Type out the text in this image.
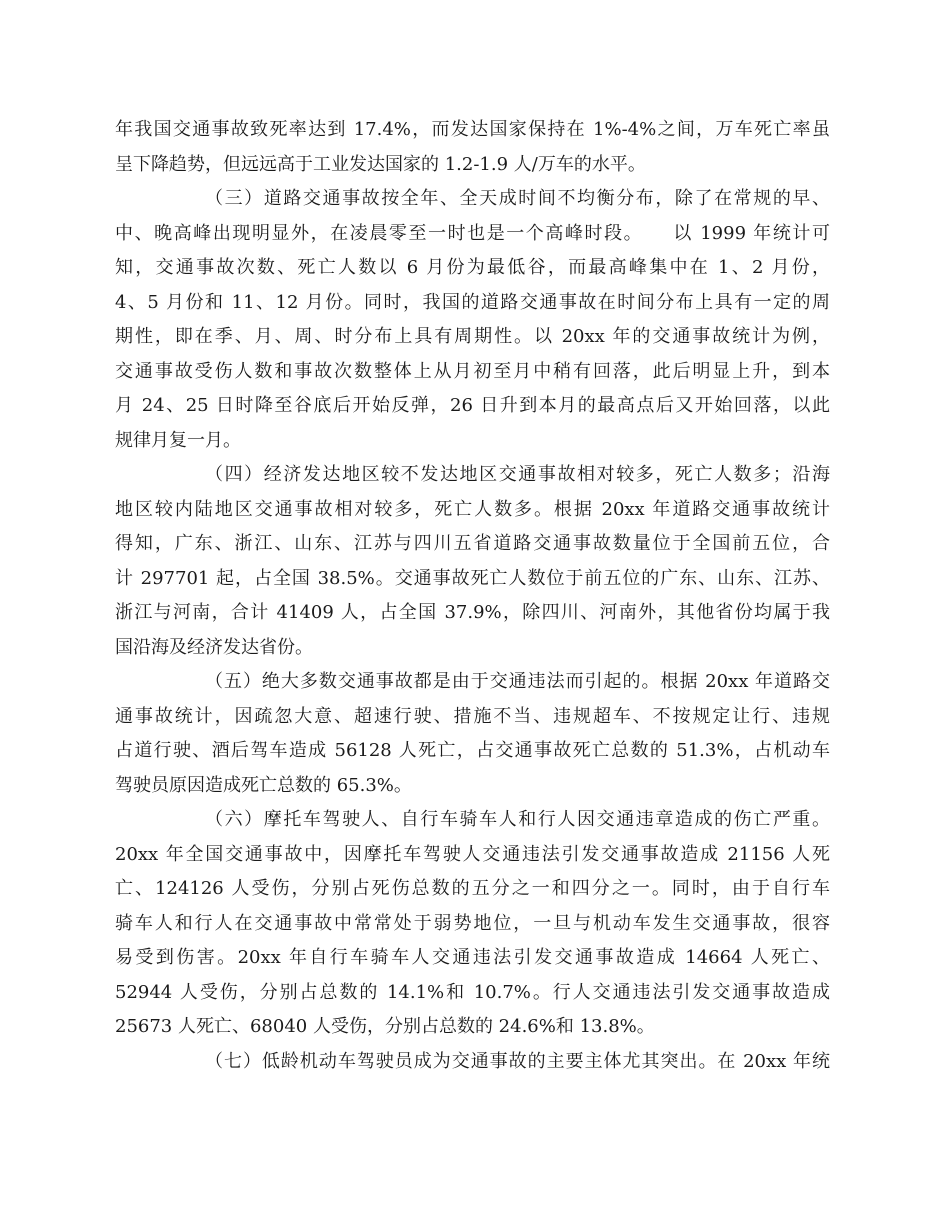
年我国交通事故致死率达到 17.4%，而发达国家保持在 1%-4%之间，万车死亡率虽
呈下降趋势，但远远高于工业发达国家的 1.2-1.9 人/万车的水平。
（三）道路交通事故按全年、全天成时间不均衡分布，除了在常规的早、
中、晚高峰出现明显外，在凌晨零至一时也是一个高峰时段。　　以 1999 年统计可
知，交通事故次数、死亡人数以 6 月份为最低谷，而最高峰集中在 1、2 月份，
4、5 月份和 11、12 月份。同时，我国的道路交通事故在时间分布上具有一定的周
期性，即在季、月、周、时分布上具有周期性。以 20xx 年的交通事故统计为例，
交通事故受伤人数和事故次数整体上从月初至月中稍有回落，此后明显上升，到本
月 24、25 日时降至谷底后开始反弹，26 日升到本月的最高点后又开始回落，以此
规律月复一月。
（四）经济发达地区较不发达地区交通事故相对较多，死亡人数多；沿海
地区较内陆地区交通事故相对较多，死亡人数多。根据 20xx 年道路交通事故统计
得知，广东、浙江、山东、江苏与四川五省道路交通事故数量位于全国前五位，合
计 297701 起，占全国 38.5%。交通事故死亡人数位于前五位的广东、山东、江苏、
浙江与河南，合计 41409 人，占全国 37.9%，除四川、河南外，其他省份均属于我
国沿海及经济发达省份。
（五）绝大多数交通事故都是由于交通违法而引起的。根据 20xx 年道路交
通事故统计，因疏忽大意、超速行驶、措施不当、违规超车、不按规定让行、违规
占道行驶、酒后驾车造成 56128 人死亡，占交通事故死亡总数的 51.3%，占机动车
驾驶员原因造成死亡总数的 65.3%。
（六）摩托车驾驶人、自行车骑车人和行人因交通违章造成的伤亡严重。
20xx 年全国交通事故中，因摩托车驾驶人交通违法引发交通事故造成 21156 人死
亡、124126 人受伤，分别占死伤总数的五分之一和四分之一。同时，由于自行车
骑车人和行人在交通事故中常常处于弱势地位，一旦与机动车发生交通事故，很容
易受到伤害。20xx 年自行车骑车人交通违法引发交通事故造成 14664 人死亡、
52944 人受伤，分别占总数的 14.1%和 10.7%。行人交通违法引发交通事故造成
25673 人死亡、68040 人受伤，分别占总数的 24.6%和 13.8%。
（七）低龄机动车驾驶员成为交通事故的主要主体尤其突出。在 20xx 年统
